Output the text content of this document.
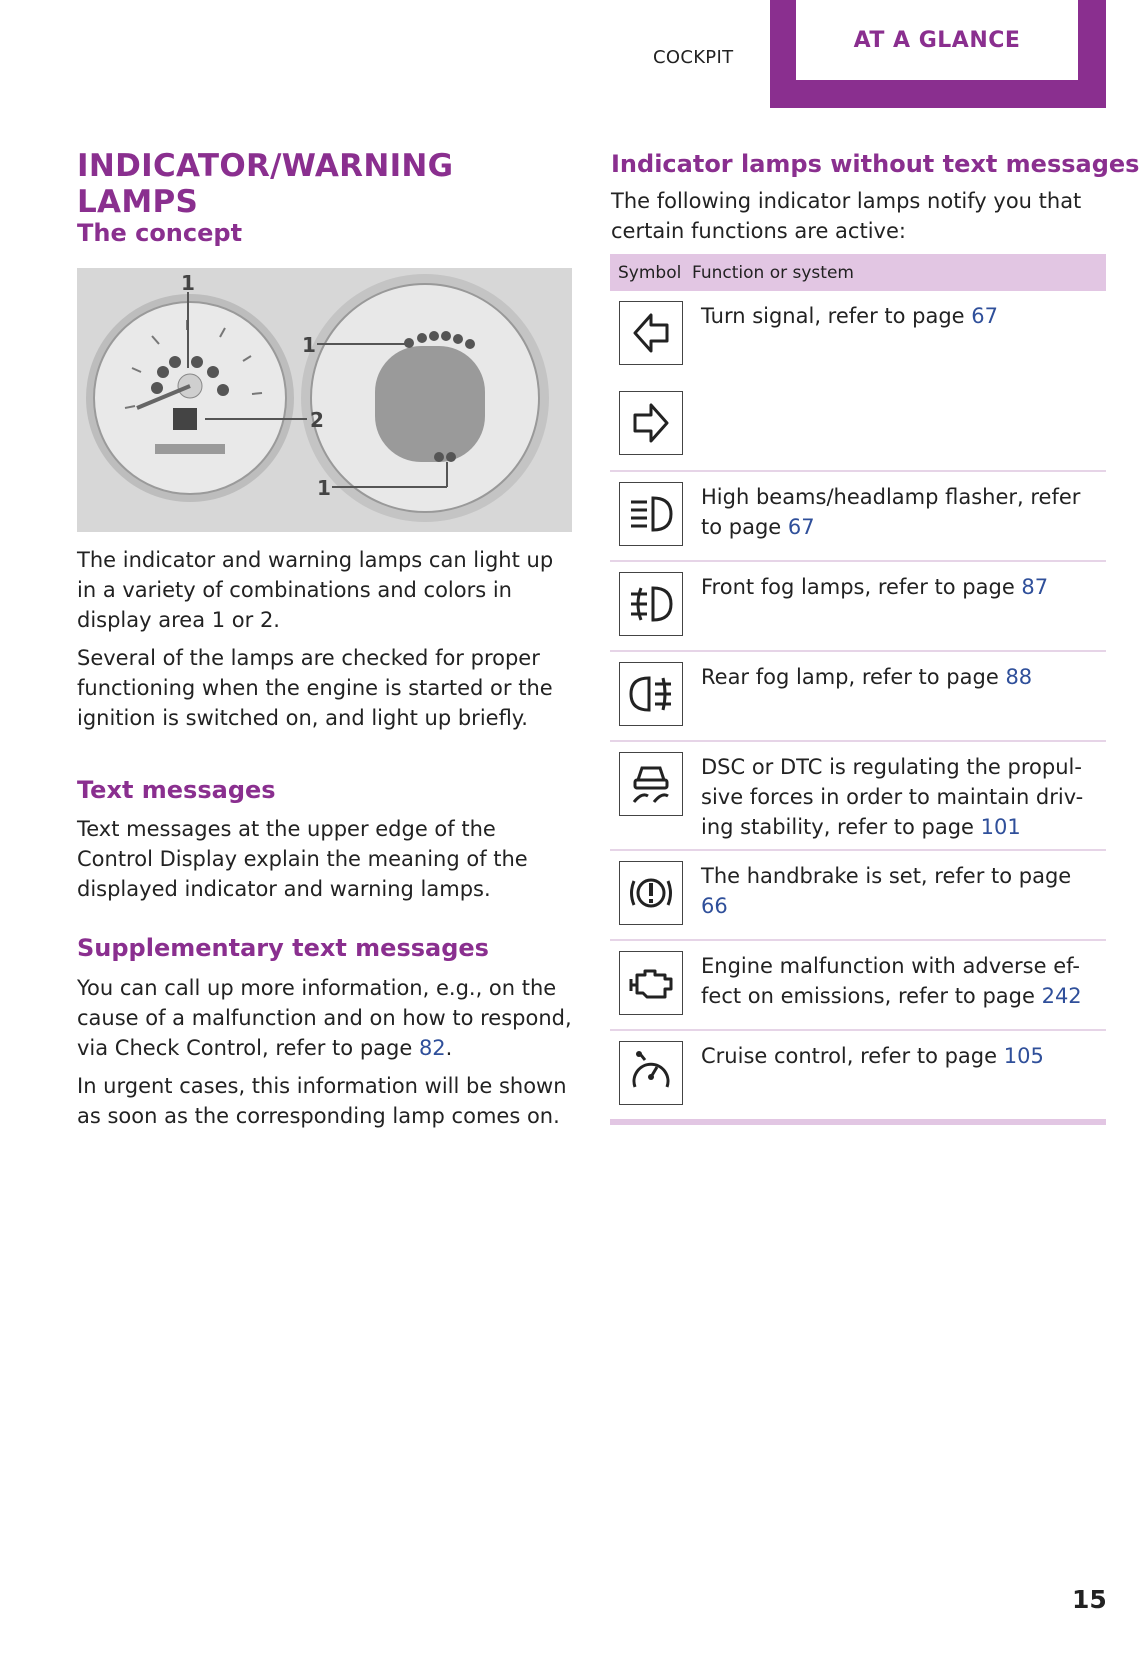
COCKPIT
AT A GLANCE
INDICATOR/WARNING LAMPS
The concept
1
1
2
1

The indicator and warning lamps can light up in a variety of combinations and colors in display area 1 or 2.

Several of the lamps are checked for proper functioning when the engine is started or the ignition is switched on, and light up briefly.

Text messages

Text messages at the upper edge of the Control Display explain the meaning of the displayed indicator and warning lamps.

Supplementary text messages

You can call up more information, e.g., on the cause of a malfunction and on how to respond, via Check Control, refer to page 82.

In urgent cases, this information will be shown as soon as the corresponding lamp comes on.

Indicator lamps without text messages

The following indicator lamps notify you that certain functions are active:

Symbol Function or system
Turn signal, refer to page 67
High beams/headlamp flasher, refer to page 67
Front fog lamps, refer to page 87
Rear fog lamp, refer to page 88
DSC or DTC is regulating the propul-sive forces in order to maintain driv-ing stability, refer to page 101
The handbrake is set, refer to page 66
Engine malfunction with adverse ef-fect on emissions, refer to page 242
Cruise control, refer to page 105
15
